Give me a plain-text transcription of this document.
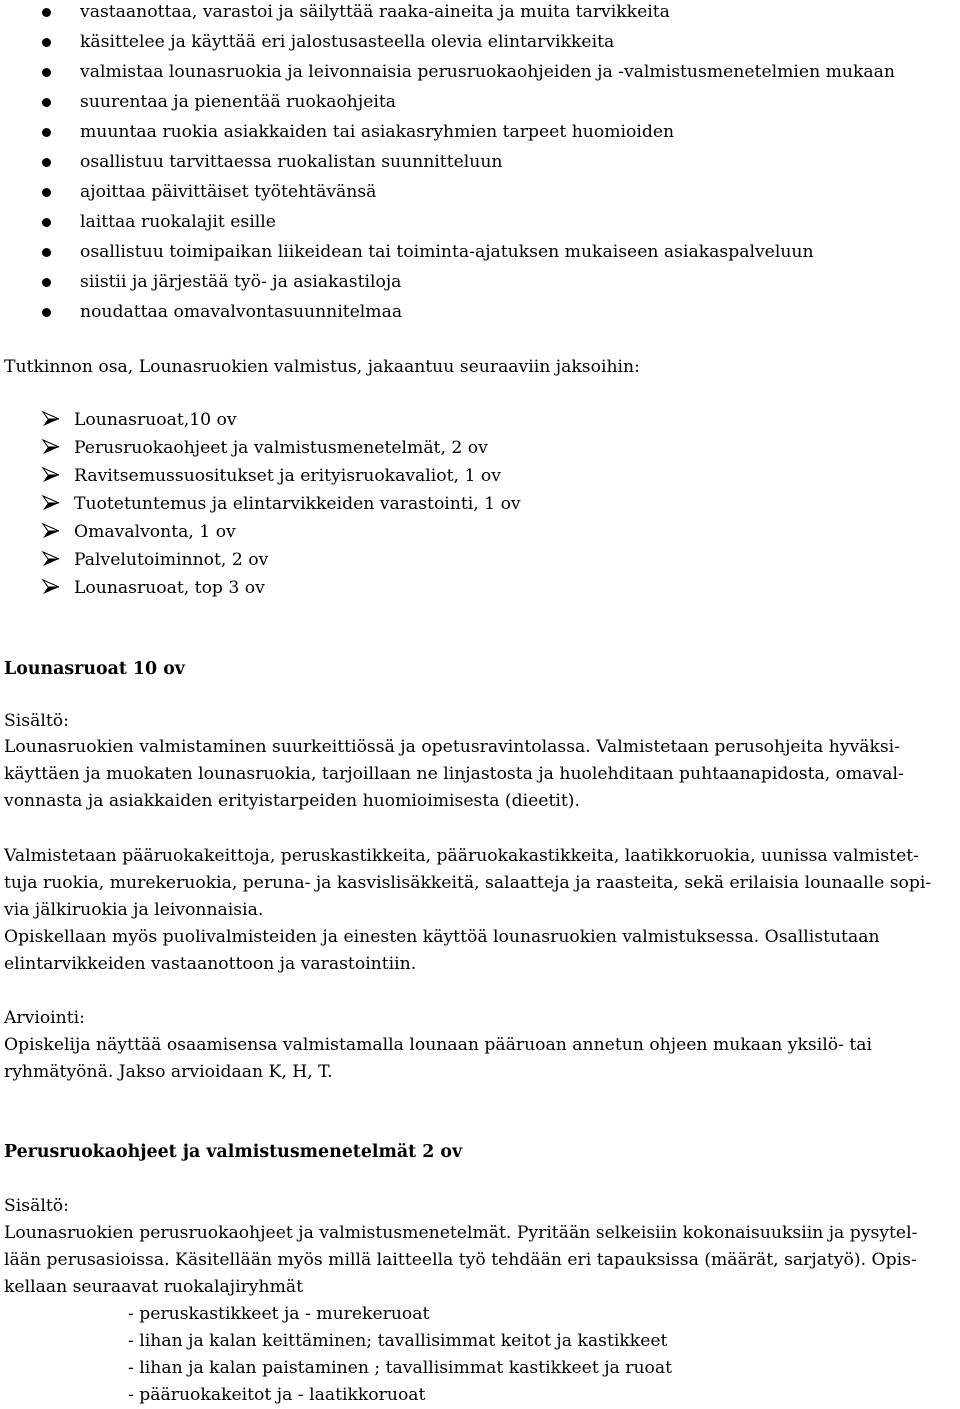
vastaanottaa, varastoi ja säilyttää raaka-aineita ja muita tarvikkeita
käsittelee ja käyttää eri jalostusasteella olevia elintarvikkeita
valmistaa lounasruokia ja leivonnaisia perusruokaohjeiden ja -valmistusmenetelmien mukaan
suurentaa ja pienentää ruokaohjeita
muuntaa ruokia asiakkaiden tai asiakasryhmien tarpeet huomioiden
osallistuu tarvittaessa ruokalistan suunnitteluun
ajoittaa päivittäiset työtehtävänsä
laittaa ruokalajit esille
osallistuu toimipaikan liikeidean tai toiminta-ajatuksen mukaiseen asiakaspalveluun
siistii ja järjestää työ- ja asiakastiloja
noudattaa omavalvontasuunnitelmaa
Tutkinnon osa, Lounasruokien valmistus, jakaantuu seuraaviin jaksoihin:
Lounasruoat,10 ov
Perusruokaohjeet ja valmistusmenetelmät, 2 ov
Ravitsemussuositukset ja erityisruokavaliot, 1 ov
Tuotetuntemus ja elintarvikkeiden varastointi, 1 ov
Omavalvonta, 1 ov
Palvelutoiminnot, 2 ov
Lounasruoat, top 3 ov
Lounasruoat 10 ov
Sisältö:
Lounasruokien valmistaminen suurkeittiössä ja opetusravintolassa. Valmistetaan perusohjeita hyväksi-
käyttäen ja muokaten lounasruokia, tarjoillaan ne linjastosta ja huolehditaan puhtaanapidosta, omaval-
vonnasta ja asiakkaiden erityistarpeiden huomioimisesta (dieetit).
Valmistetaan pääruokakeittoja, peruskastikkeita, pääruokakastikkeita, laatikkoruokia, uunissa valmistet-
tuja ruokia, murekeruokia, peruna- ja kasvislisäkkeitä, salaatteja ja raasteita, sekä erilaisia lounaalle sopi-
via jälkiruokia ja leivonnaisia.
Opiskellaan myös puolivalmisteiden ja einesten käyttöä lounasruokien valmistuksessa. Osallistutaan
elintarvikkeiden vastaanottoon ja varastointiin.
Arviointi:
Opiskelija näyttää osaamisensa valmistamalla lounaan pääruoan annetun ohjeen mukaan yksilö- tai
ryhmätyönä. Jakso arvioidaan K, H, T.
Perusruokaohjeet ja valmistusmenetelmät 2 ov
Sisältö:
Lounasruokien perusruokaohjeet ja valmistusmenetelmät. Pyritään selkeisiin kokonaisuuksiin ja pysytel-
lään perusasioissa. Käsitellään myös millä laitteella työ tehdään eri tapauksissa (määrät, sarjatyö). Opis-
kellaan seuraavat ruokalajiryhmät
- peruskastikkeet ja - murekeruoat
- lihan ja kalan keittäminen; tavallisimmat keitot ja kastikkeet
- lihan ja kalan paistaminen ; tavallisimmat kastikkeet ja ruoat
- pääruokakeitot ja - laatikkoruoat
